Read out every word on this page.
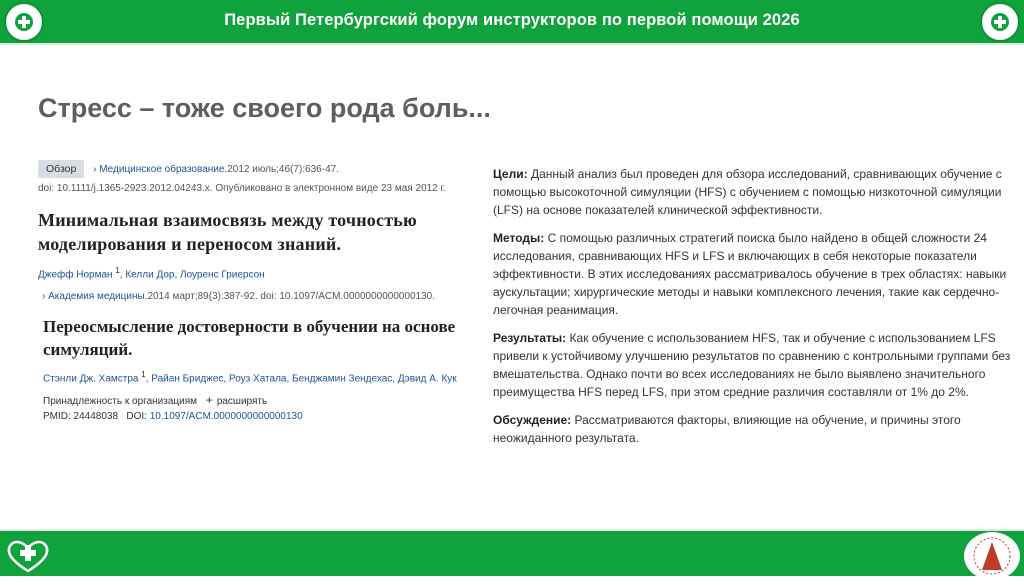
Первый Петербургский форум инструкторов по первой помощи 2026
Стресс – тоже своего рода боль...
Обзор › Медицинское образование.2012 июль;46(7):636-47.
doi: 10.1111/j.1365-2923.2012.04243.x. Опубликовано в электронном виде 23 мая 2012 г.
Минимальная взаимосвязь между точностью моделирования и переносом знаний.
Джефф Норман $^1$, Келли Дор, Лоуренс Гриерсон
› Академия медицины.2014 март;89(3):387-92. doi: 10.1097/ACM.0000000000000130.
Переосмысление достоверности в обучении на основе симуляций.
Стэнли Дж. Хамстра $^1$, Райан Бриджес, Роуз Хатала, Бенджамин Зендехас, Дэвид А. Кук
Принадлежность к организациям + расширять
PMID: 24448038 DOI: 10.1097/ACM.0000000000000130
Цели: Данный анализ был проведен для обзора исследований, сравнивающих обучение с помощью высокоточной симуляции (HFS) с обучением с помощью низкоточной симуляции (LFS) на основе показателей клинической эффективности.
Методы: С помощью различных стратегий поиска было найдено в общей сложности 24 исследования, сравнивающих HFS и LFS и включающих в себя некоторые показатели эффективности. В этих исследованиях рассматривалось обучение в трех областях: навыки аускультации; хирургические методы и навыки комплексного лечения, такие как сердечно-легочная реанимация.
Результаты: Как обучение с использованием HFS, так и обучение с использованием LFS привели к устойчивому улучшению результатов по сравнению с контрольными группами без вмешательства. Однако почти во всех исследованиях не было выявлено значительного преимущества HFS перед LFS, при этом средние различия составляли от 1% до 2%.
Обсуждение: Рассматриваются факторы, влияющие на обучение, и причины этого неожиданного результата.
